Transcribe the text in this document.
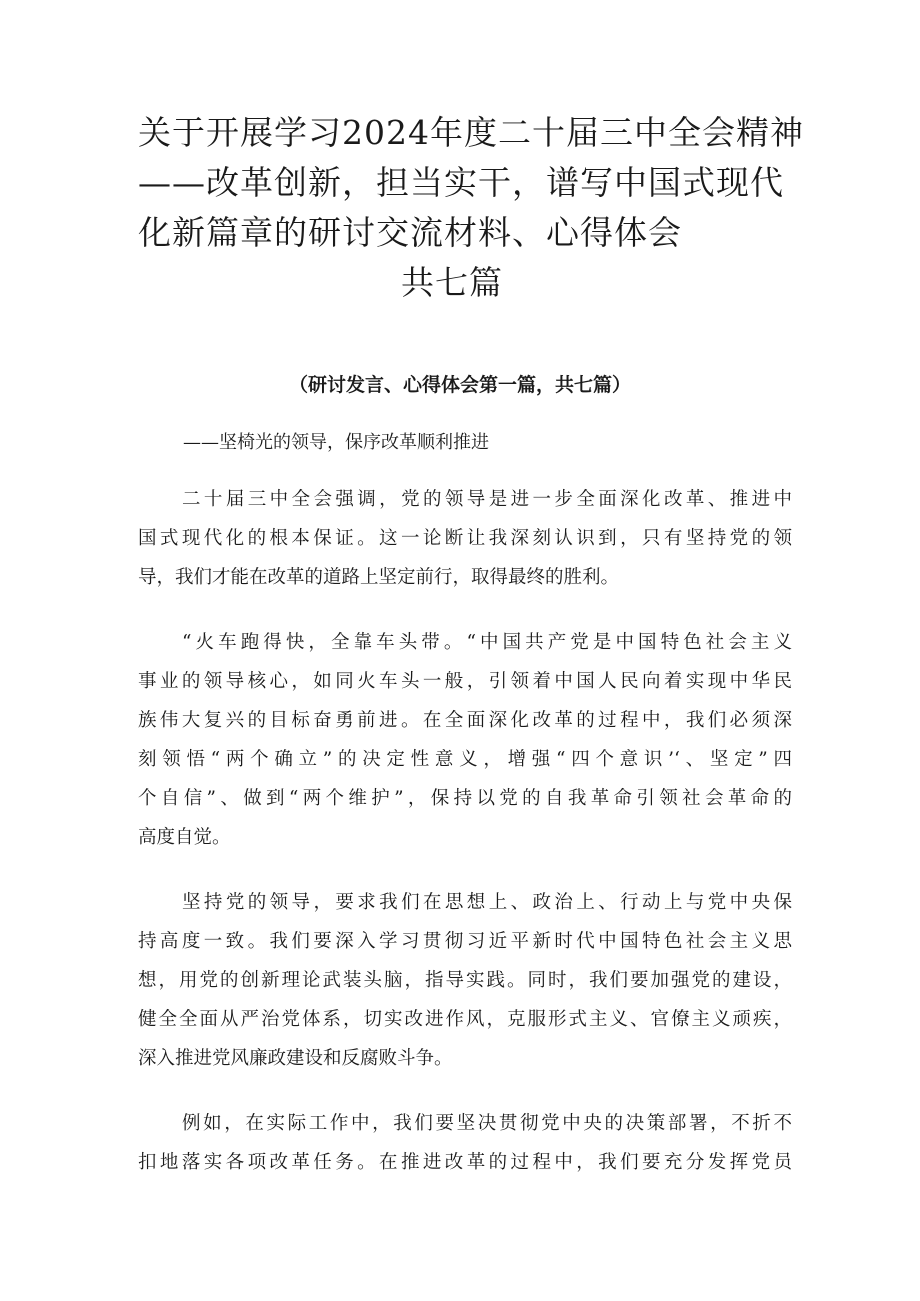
关于开展学习2024年度二十届三中全会精神
——改革创新，担当实干，谱写中国式现代
化新篇章的研讨交流材料、心得体会
共七篇
（研讨发言、心得体会第一篇，共七篇）
——坚椅光的领导，保序改革顺利推进

二十届三中全会强调，党的领导是进一步全面深化改革、推进中
国式现代化的根本保证。这一论断让我深刻认识到，只有坚持党的领
导，我们才能在改革的道路上坚定前行，取得最终的胜利。

“火车跑得快，全靠车头带。“中国共产党是中国特色社会主义
事业的领导核心，如同火车头一般，引领着中国人民向着实现中华民
族伟大复兴的目标奋勇前进。在全面深化改革的过程中，我们必须深
刻领悟“两个确立”的决定性意义，增强“四个意识’‘、坚定”四
个自信”、做到“两个维护”，保持以党的自我革命引领社会革命的
高度自觉。

坚持党的领导，要求我们在思想上、政治上、行动上与党中央保
持高度一致。我们要深入学习贯彻习近平新时代中国特色社会主义思
想，用党的创新理论武装头脑，指导实践。同时，我们要加强党的建设，
健全全面从严治党体系，切实改进作风，克服形式主义、官僚主义顽疾，
深入推进党风廉政建设和反腐败斗争。

例如，在实际工作中，我们要坚决贯彻党中央的决策部署，不折不
扣地落实各项改革任务。在推进改革的过程中，我们要充分发挥党员
